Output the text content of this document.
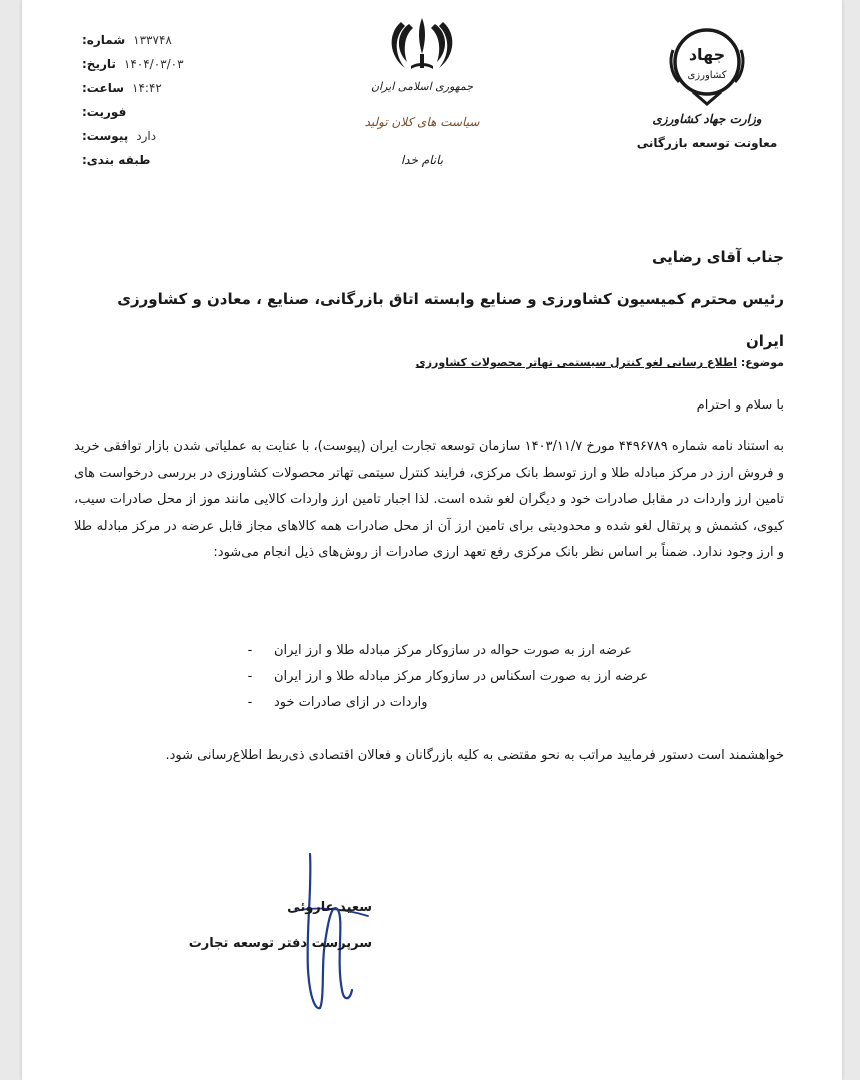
شماره: ۱۳۳۷۴۸
تاریخ: ۱۴۰۴/۰۳/۰۳
ساعت: ۱۴:۴۲
فوریت:
پیوست: دارد
طبقه بندی:
جمهوری اسلامی ایران
سیاست های کلان تولید
بانام خدا
جهاد
کشاورزی
وزارت جهاد کشاورزی
معاونت توسعه بازرگانی
جناب آقای رضایی
رئیس محترم کمیسیون کشاورزی و صنایع وابسته اتاق بازرگانی، صنایع ، معادن و کشاورزی
ایران
موضوع: اطلاع رسانی لغو کنترل سیستمی تهاتر محصولات کشاورزی
با سلام و احترام
به استناد نامه شماره ۴۴۹۶۷۸۹ مورخ ۱۴۰۳/۱۱/۷ سازمان توسعه تجارت ایران (پیوست)، با عنایت به عملیاتی شدن بازار توافقی خرید و فروش ارز در مرکز مبادله طلا و ارز توسط بانک مرکزی، فرایند کنترل سیتمی تهاتر محصولات کشاورزی در بررسی درخواست های تامین ارز واردات در مقابل صادرات خود و دیگران لغو شده است. لذا اجبار تامین ارز واردات کالایی مانند موز از محل صادرات سیب، کیوی، کشمش و پرتقال لغو شده و محدودیتی برای تامین ارز آن از محل صادرات همه کالاهای مجاز قابل عرضه در مرکز مبادله طلا و ارز وجود ندارد. ضمناً بر اساس نظر بانک مرکزی رفع تعهد ارزی صادرات از روش‌های ذیل انجام می‌شود:
-	عرضه ارز به صورت حواله در سازوکار مرکز مبادله طلا و ارز ایران
-	عرضه ارز به صورت اسکناس در سازوکار مرکز مبادله طلا و ارز ایران
-	واردات در ازای صادرات خود
خواهشمند است دستور فرمایید مراتب به نحو مقتضی به کلیه بازرگانان و فعالان اقتصادی ذی‌ربط اطلاع‌رسانی شود.
سعید عاروئی
سرپرست دفتر توسعه تجارت
